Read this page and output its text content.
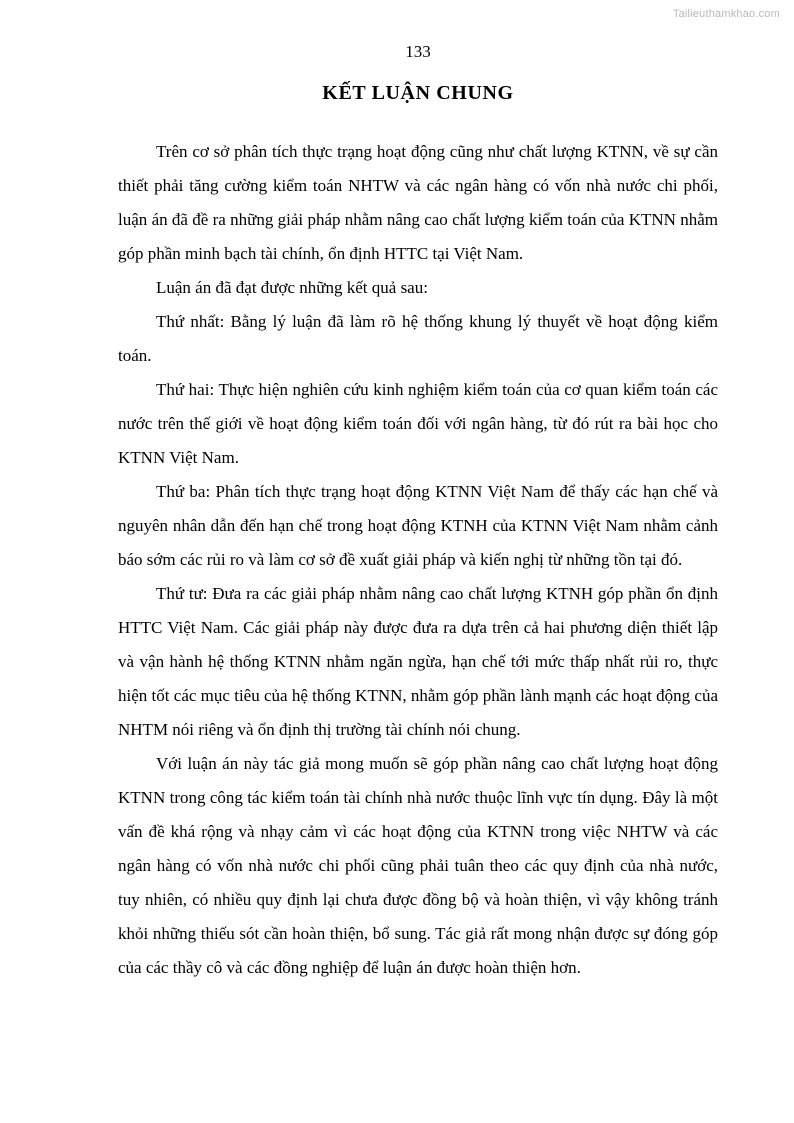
Tailieuthamkhao.com
133
KẾT LUẬN CHUNG

Trên cơ sở phân tích thực trạng hoạt động cũng như chất lượng KTNN, về sự cần thiết phải tăng cường kiểm toán NHTW và các ngân hàng có vốn nhà nước chi phối, luận án đã đề ra những giải pháp nhằm nâng cao chất lượng kiểm toán của KTNN nhằm góp phần minh bạch tài chính, ổn định HTTC tại Việt Nam.

Luận án đã đạt được những kết quả sau:

Thứ nhất: Bằng lý luận đã làm rõ hệ thống khung lý thuyết về hoạt động kiểm toán.

Thứ hai: Thực hiện nghiên cứu kinh nghiệm kiểm toán của cơ quan kiểm toán các nước trên thế giới về hoạt động kiểm toán đối với ngân hàng, từ đó rút ra bài học cho KTNN Việt Nam.

Thứ ba: Phân tích thực trạng hoạt động KTNN Việt Nam để thấy các hạn chế và nguyên nhân dẫn đến hạn chế trong hoạt động KTNH của KTNN Việt Nam nhằm cảnh báo sớm các rủi ro và làm cơ sở đề xuất giải pháp và kiến nghị từ những tồn tại đó.

Thứ tư: Đưa ra các giải pháp nhằm nâng cao chất lượng KTNH góp phần ổn định HTTC Việt Nam. Các giải pháp này được đưa ra dựa trên cả hai phương diện thiết lập và vận hành hệ thống KTNN nhằm ngăn ngừa, hạn chế tới mức thấp nhất rủi ro, thực hiện tốt các mục tiêu của hệ thống KTNN, nhằm góp phần lành mạnh các hoạt động của NHTM nói riêng và ổn định thị trường tài chính nói chung.

Với luận án này tác giả mong muốn sẽ góp phần nâng cao chất lượng hoạt động KTNN trong công tác kiểm toán tài chính nhà nước thuộc lĩnh vực tín dụng. Đây là một vấn đề khá rộng và nhạy cảm vì các hoạt động của KTNN trong việc NHTW và các ngân hàng có vốn nhà nước chi phối cũng phải tuân theo các quy định của nhà nước, tuy nhiên, có nhiều quy định lại chưa được đồng bộ và hoàn thiện, vì vậy không tránh khỏi những thiếu sót cần hoàn thiện, bổ sung. Tác giả rất mong nhận được sự đóng góp của các thầy cô và các đồng nghiệp để luận án được hoàn thiện hơn.
